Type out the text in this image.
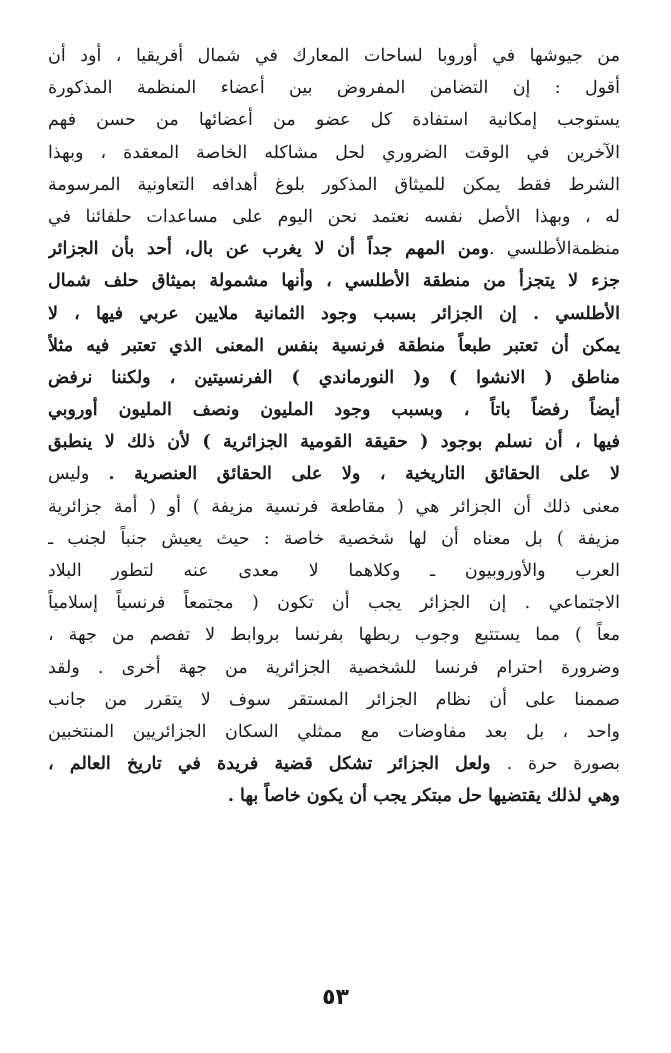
من جيوشها في أوروبا لساحات المعارك في شمال أفريقيا ، أود أن
أقول : إن التضامن المفروض بين أعضاء المنظمة المذكورة
يستوجب إمكانية استفادة كل عضو من أعضائها من حسن فهم
الآخرين في الوقت الضروري لحل مشاكله الخاصة المعقدة ، وبهذا
الشرط فقط يمكن للميثاق المذكور بلوغ أهدافه التعاونية المرسومة
له ، وبهذا الأصل نفسه نعتمد نحن اليوم على مساعدات حلفائنا في
منظمةالأطلسي .ومن المهم جداً أن لا يغرب عن بال، أحد بأن الجزائر
جزء لا يتجزأ من منطقة الأطلسي ، وأنها مشمولة بميثاق حلف شمال
الأطلسي . إن الجزائر بسبب وجود الثمانية ملايين عربي فيها ، لا
يمكن أن تعتبر طبعاً منطقة فرنسية بنفس المعنى الذي تعتبر فيه مثلاً
مناطق ( الانشوا ) و( النورماندي ) الفرنسيتين ، ولكننا نرفض
أيضاً رفضاً باتاً ، وبسبب وجود المليون ونصف المليون أوروبي
فيها ، أن نسلم بوجود ( حقيقة القومية الجزائرية ) لأن ذلك لا ينطبق
لا على الحقائق التاريخية ، ولا على الحقائق العنصرية . وليس
معنى ذلك أن الجزائر هي ( مقاطعة فرنسية مزيفة ) أو ( أمة جزائرية
مزيفة ) بل معناه أن لها شخصية خاصة : حيث يعيش جنباً لجنب ـ
العرب والأوروبيون ـ وكلاهما لا معدى عنه لتطور البلاد
الاجتماعي . إن الجزائر يجب أن تكون ( مجتمعاً فرنسياً إسلامياً
معاً ) مما يستتبع وجوب ربطها بفرنسا بروابط لا تفصم من جهة ،
وضرورة احترام فرنسا للشخصية الجزائرية من جهة أخرى . ولقد
صممنا على أن نظام الجزائر المستقر سوف لا يتقرر من جانب
واحد ، بل بعد مفاوضات مع ممثلي السكان الجزائريين المنتخبين
بصورة حرة . ولعل الجزائر تشكل قضية فريدة في تاريخ العالم ،
وهي لذلك يقتضيها حل مبتكر يجب أن يكون خاصاً بها .
٥٣
